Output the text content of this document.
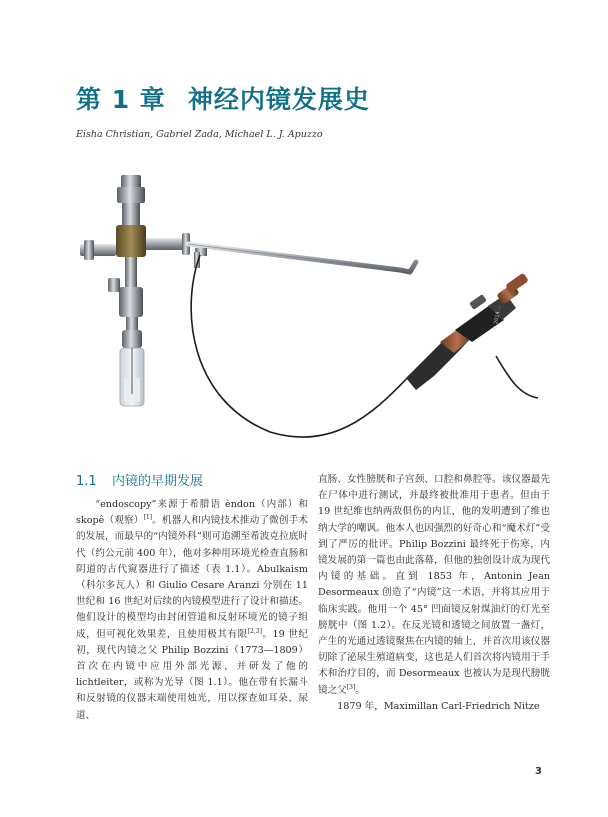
第 1 章 神经内镜发展史
Eisha Christian, Gabriel Zada, Michael L. J. Apuzzo
© 2014 ...
1.1 内镜的早期发展

“endoscopy”来源于希腊语 èndon（内部）和 skopê（观察）[1]。机器人和内镜技术推动了微创手术的发展，而最早的“内镜外科”则可追溯至希波克拉底时代（约公元前 400 年），他对多种用环境光检查直肠和阴道的古代窥器进行了描述（表 1.1）。Abulkaism（科尔多瓦人）和 Giulio Cesare Aranzi 分别在 11 世纪和 16 世纪对后续的内镜模型进行了设计和描述。他们设计的模型均由封闭管道和反射环境光的镜子组成，但可视化效果差，且使用极其有限[2,3]。19 世纪初，现代内镜之父 Philip Bozzini（1773—1809）首次在内镜中应用外部光源，并研发了他的 lichtleiter，或称为光导（图 1.1）。他在带有长漏斗和反射镜的仪器末端使用烛光，用以探查如耳朵、尿道、

直肠、女性膀胱和子宫颈、口腔和鼻腔等。该仪器最先在尸体中进行测试，并最终被批准用于患者。但由于 19 世纪维也纳两敌俱伤的内讧，他的发明遭到了维也纳大学的嘲讽。他本人也因强烈的好奇心和“魔术灯”受到了严厉的批评。Philip Bozzini 最终死于伤寒，内镜发展的第一篇也由此落幕，但他的独创设计成为现代内镜的基础。直到 1853 年，Antonin Jean Desormeaux 创造了“内镜”这一术语，并将其应用于临床实践。他用一个 45° 凹面镜反射煤油灯的灯光至膀胱中（图 1.2）。在反光镜和透镜之间放置一盏灯，产生的光通过透镜聚焦在内镜的轴上，并首次用该仪器切除了泌尿生殖道病变，这也是人们首次将内镜用于手术和治疗目的，而 Desormeaux 也被认为是现代膀胱镜之父[3]。

1879 年，Maximillan Carl-Friedrich Nitze

3
